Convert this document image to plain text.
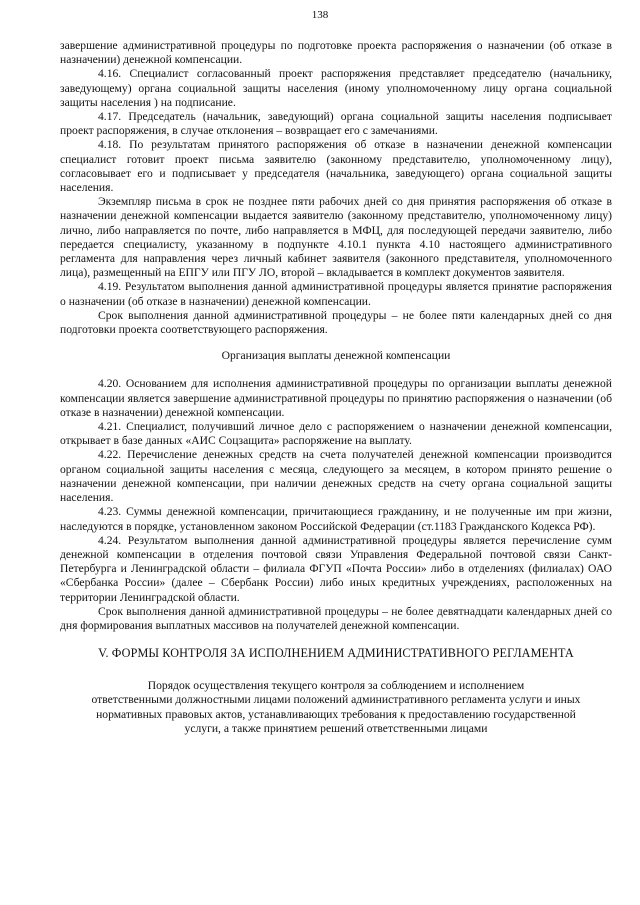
138

завершение административной процедуры по подготовке проекта распоряжения о назначении (об отказе в назначении) денежной компенсации.

4.16. Специалист согласованный проект распоряжения представляет председателю (начальнику, заведующему) органа социальной защиты населения (иному уполномоченному лицу органа социальной защиты населения ) на подписание.

4.17. Председатель (начальник, заведующий) органа социальной защиты населения подписывает проект распоряжения, в случае отклонения – возвращает его с замечаниями.

4.18. По результатам принятого распоряжения об отказе в назначении денежной компенсации специалист готовит проект письма заявителю (законному представителю, уполномоченному лицу), согласовывает его и подписывает у председателя (начальника, заведующего) органа социальной защиты населения.

Экземпляр письма в срок не позднее пяти рабочих дней со дня принятия распоряжения об отказе в назначении денежной компенсации выдается заявителю (законному представителю, уполномоченному лицу) лично, либо направляется по почте, либо направляется в МФЦ, для последующей передачи заявителю, либо передается специалисту, указанному в подпункте 4.10.1 пункта 4.10 настоящего административного регламента для направления через личный кабинет заявителя (законного представителя, уполномоченного лица), размещенный на ЕПГУ или ПГУ ЛО, второй – вкладывается в комплект документов заявителя.

4.19. Результатом выполнения данной административной процедуры является принятие распоряжения о назначении (об отказе в назначении) денежной компенсации.

Срок выполнения данной административной процедуры – не более пяти календарных дней со дня подготовки проекта соответствующего распоряжения.

Организация выплаты денежной компенсации

4.20. Основанием для исполнения административной процедуры по организации выплаты денежной компенсации является завершение административной процедуры по принятию распоряжения о назначении (об отказе в назначении) денежной компенсации.

4.21. Специалист, получивший личное дело с распоряжением о назначении денежной компенсации, открывает в базе данных «АИС Соцзащита» распоряжение на выплату.

4.22. Перечисление денежных средств на счета получателей денежной компенсации производится органом социальной защиты населения с месяца, следующего за месяцем, в котором принято решение о назначении денежной компенсации, при наличии денежных средств на счету органа социальной защиты населения.

4.23. Суммы денежной компенсации, причитающиеся гражданину, и не полученные им при жизни, наследуются в порядке, установленном законом Российской Федерации (ст.1183 Гражданского Кодекса РФ).

4.24. Результатом выполнения данной административной процедуры является перечисление сумм денежной компенсации в отделения почтовой связи Управления Федеральной почтовой связи Санкт-Петербурга и Ленинградской области – филиала ФГУП «Почта России» либо в отделениях (филиалах) ОАО «Сбербанка России» (далее – Сбербанк России) либо иных кредитных учреждениях, расположенных на территории Ленинградской области.

Срок выполнения данной административной процедуры – не более девятнадцати календарных дней со дня формирования выплатных массивов на получателей денежной компенсации.

V. ФОРМЫ КОНТРОЛЯ ЗА ИСПОЛНЕНИЕМ АДМИНИСТРАТИВНОГО РЕГЛАМЕНТА

Порядок осуществления текущего контроля за соблюдением и исполнением
ответственными должностными лицами положений административного регламента услуги и иных
нормативных правовых актов, устанавливающих требования к предоставлению государственной
услуги, а также принятием решений ответственными лицами
